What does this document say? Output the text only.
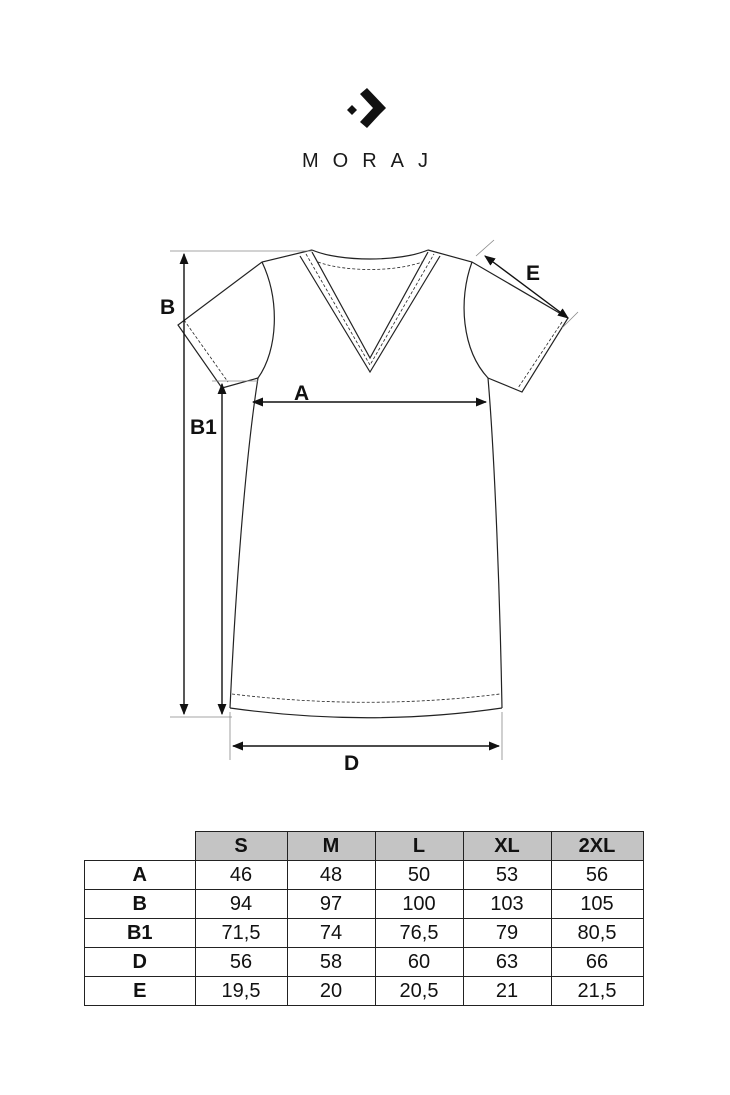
MORAJ
B
B1
A
D
E
	S	M	L	XL	2XL
A	46	48	50	53	56
B	94	97	100	103	105
B1	71,5	74	76,5	79	80,5
D	56	58	60	63	66
E	19,5	20	20,5	21	21,5
